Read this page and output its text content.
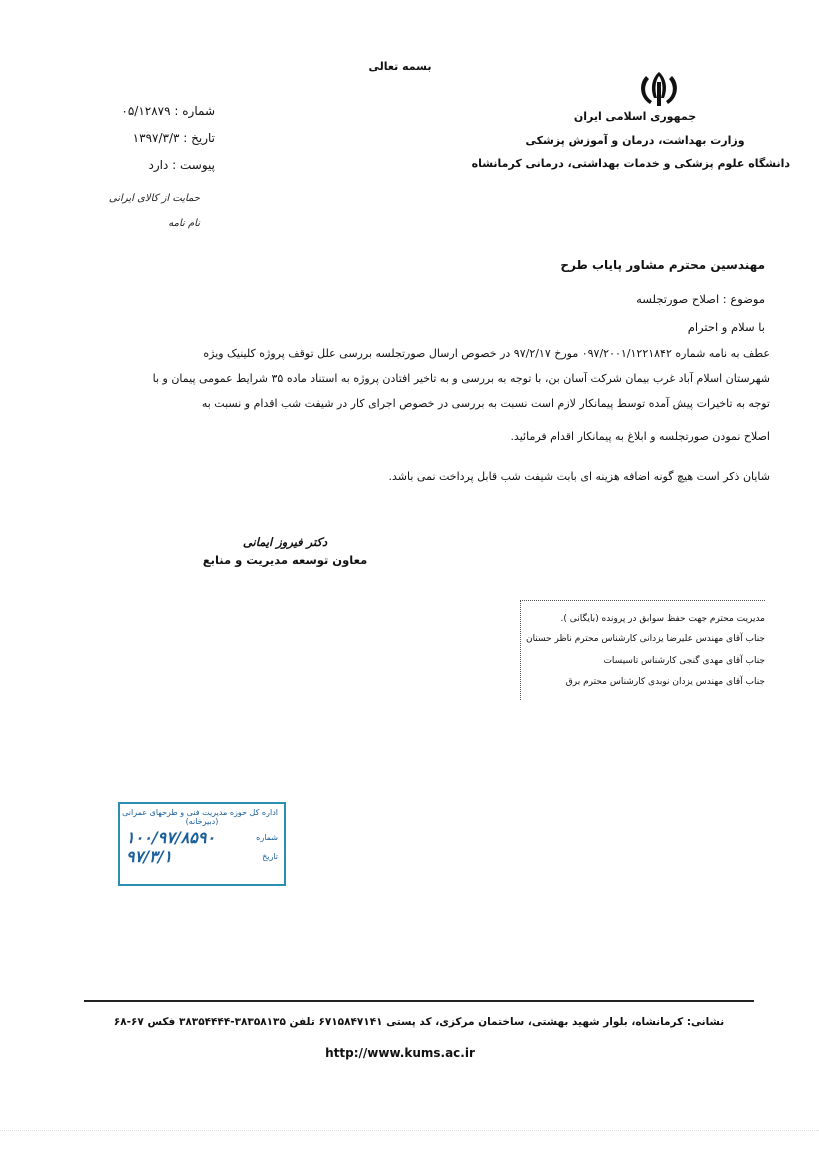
بسمه تعالی
جمهوری اسلامی ایران
وزارت بهداشت، درمان و آموزش پزشکی
دانشگاه علوم پزشکی و خدمات بهداشتی، درمانی کرمانشاه
شماره : ۰۵/۱۲۸۷۹
تاریخ : ۱۳۹۷/۳/۳
پیوست : دارد
حمایت از کالای ایرانی
نام نامه
مهندسین محترم مشاور پایاب طرح
موضوع : اصلاح صورتجلسه
با سلام و احترام
عطف به نامه شماره ۰۹۷/۲۰۰۱/۱۲۲۱۸۴۲ مورخ ۹۷/۲/۱۷ در خصوص ارسال صورتجلسه بررسی علل توقف پروژه کلینیک ویژه
شهرستان اسلام آباد غرب بیمان شرکت آسان بن، با توجه به بررسی و به تاخیر افتادن پروژه به استناد ماده ۳۵ شرایط عمومی پیمان و با
توجه به تاخیرات پیش آمده توسط پیمانکار لازم است نسبت به بررسی در خصوص اجرای کار در شیفت شب اقدام و نسبت به
اصلاح نمودن صورتجلسه و ابلاغ به پیمانکار اقدام فرمائید.
شایان ذکر است هیچ گونه اضافه هزینه ای بابت شیفت شب قابل پرداخت نمی باشد.
دکتر فیروز ایمانی
معاون توسعه مدیریت و منابع
مدیریت محترم جهت حفظ سوابق در پرونده (بایگانی ).
جناب آقای مهندس علیرضا یزدانی کارشناس محترم ناظر حسنان
جناب آقای مهدی گنجی کارشناس تاسیسات
جناب آقای مهندس یزدان نوبدی کارشناس محترم برق
اداره کل حوزه مدیریت فنی و طرحهای عمرانی
(دبیرخانه)
شماره
۱۰۰/۹۷/۸۵۹۰
تاریخ
۹۷/۳/۱
نشانی: کرمانشاه، بلوار شهید بهشتی، ساختمان مرکزی، کد پستی ۶۷۱۵۸۴۷۱۴۱ تلفن ۳۸۳۵۸۱۳۵-۳۸۳۵۴۴۴۴ فکس ۶۷-۶۸
http://www.kums.ac.ir
